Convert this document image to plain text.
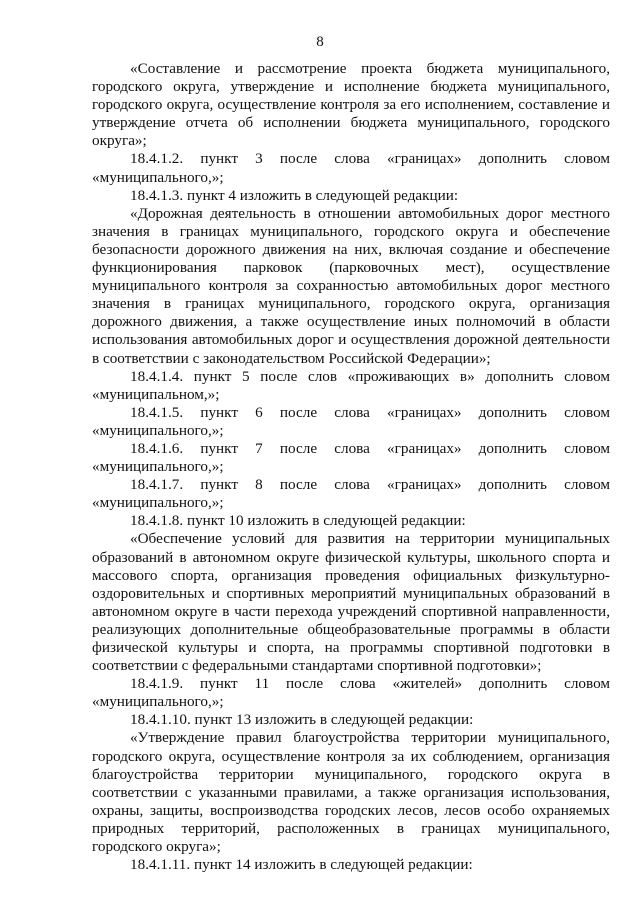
8

«Составление и рассмотрение проекта бюджета муниципального, городского округа, утверждение и исполнение бюджета муниципального, городского округа, осуществление контроля за его исполнением, составление и утверждение отчета об исполнении бюджета муниципального, городского округа»;

18.4.1.2. пункт 3 после слова «границах» дополнить словом «муниципального,»;

18.4.1.3. пункт 4 изложить в следующей редакции:

«Дорожная деятельность в отношении автомобильных дорог местного значения в границах муниципального, городского округа и обеспечение безопасности дорожного движения на них, включая создание и обеспечение функционирования парковок (парковочных мест), осуществление муниципального контроля за сохранностью автомобильных дорог местного значения в границах муниципального, городского округа, организация дорожного движения, а также осуществление иных полномочий в области использования автомобильных дорог и осуществления дорожной деятельности в соответствии с законодательством Российской Федерации»;

18.4.1.4. пункт 5 после слов «проживающих в» дополнить словом «муниципальном,»;

18.4.1.5. пункт 6 после слова «границах» дополнить словом «муниципального,»;

18.4.1.6. пункт 7 после слова «границах» дополнить словом «муниципального,»;

18.4.1.7. пункт 8 после слова «границах» дополнить словом «муниципального,»;

18.4.1.8. пункт 10 изложить в следующей редакции:

«Обеспечение условий для развития на территории муниципальных образований в автономном округе физической культуры, школьного спорта и массового спорта, организация проведения официальных физкультурно-оздоровительных и спортивных мероприятий муниципальных образований в автономном округе в части перехода учреждений спортивной направленности, реализующих дополнительные общеобразовательные программы в области физической культуры и спорта, на программы спортивной подготовки в соответствии с федеральными стандартами спортивной подготовки»;

18.4.1.9. пункт 11 после слова «жителей» дополнить словом «муниципального,»;

18.4.1.10. пункт 13 изложить в следующей редакции:

«Утверждение правил благоустройства территории муниципального, городского округа, осуществление контроля за их соблюдением, организация благоустройства территории муниципального, городского округа в соответствии с указанными правилами, а также организация использования, охраны, защиты, воспроизводства городских лесов, лесов особо охраняемых природных территорий, расположенных в границах муниципального, городского округа»;

18.4.1.11. пункт 14 изложить в следующей редакции:
